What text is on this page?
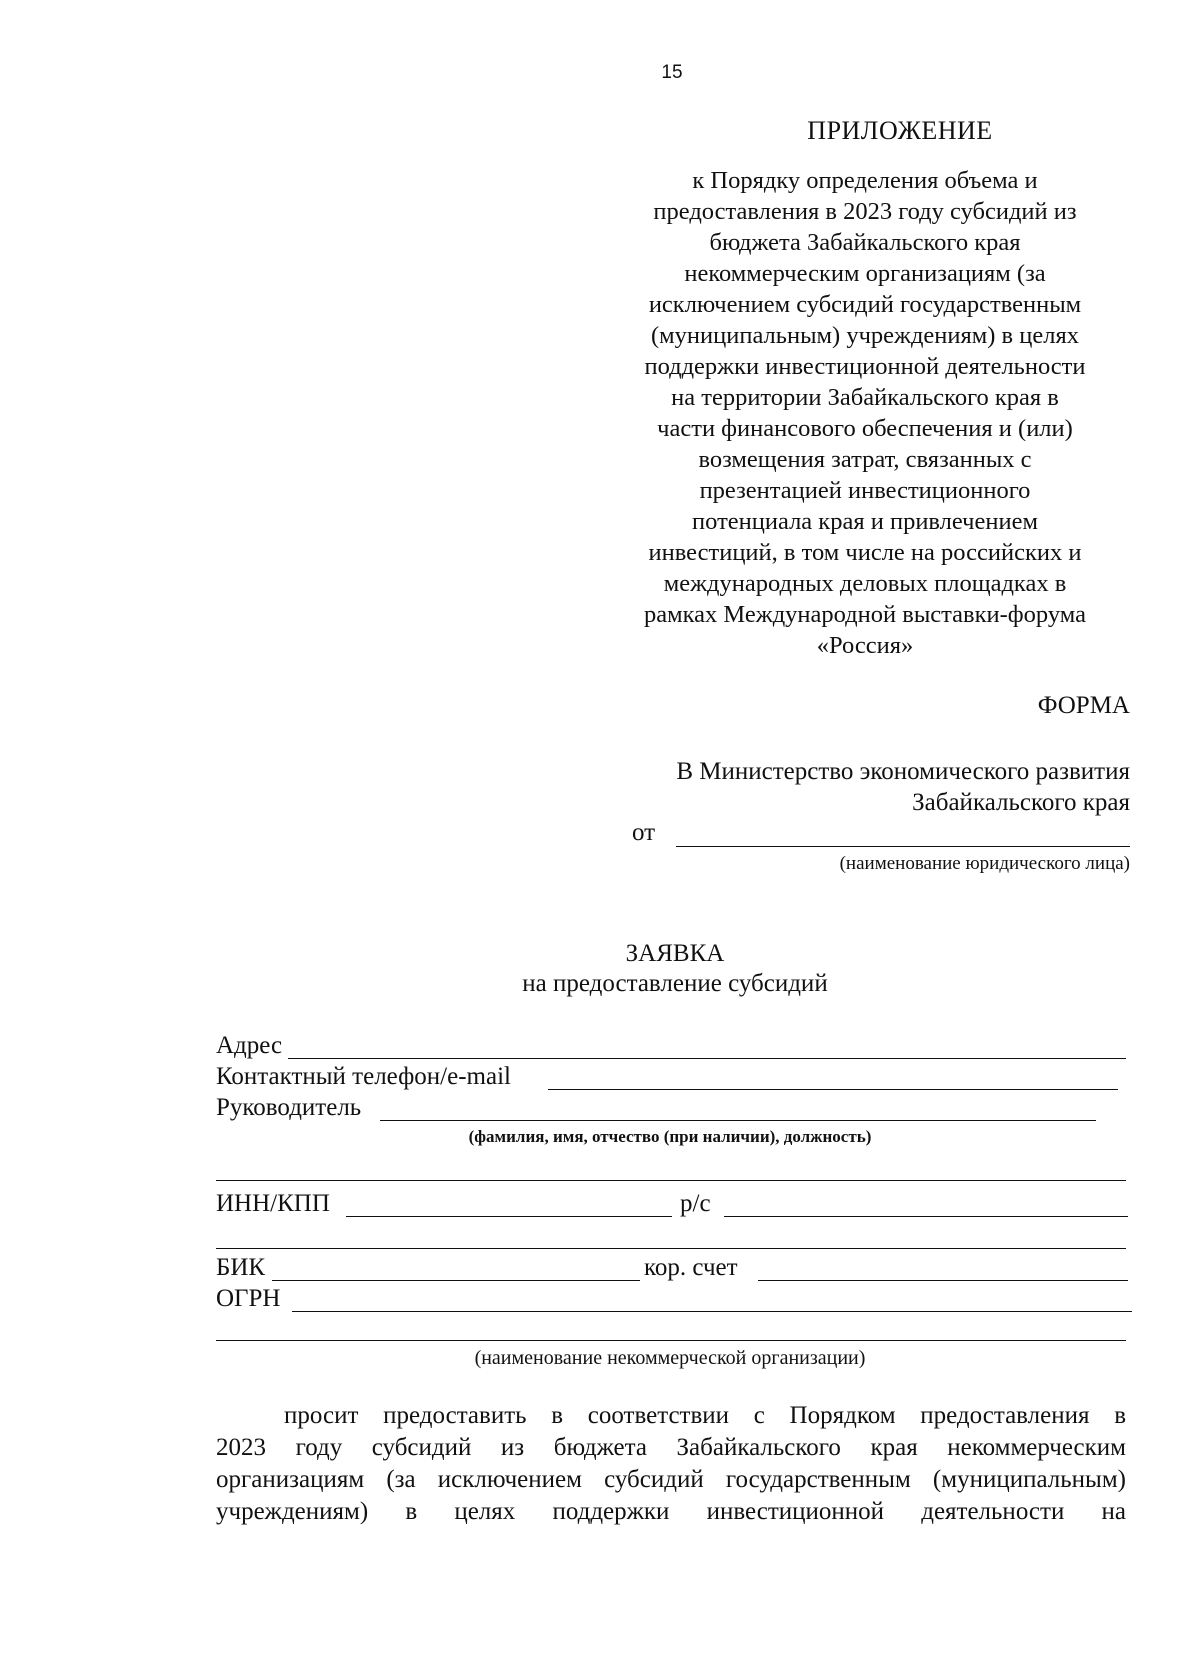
15
ПРИЛОЖЕНИЕ
к Порядку определения объема и
предоставления в 2023 году субсидий из
бюджета Забайкальского края
некоммерческим организациям (за
исключением субсидий государственным
(муниципальным) учреждениям) в целях
поддержки инвестиционной деятельности
на территории Забайкальского края в
части финансового обеспечения и (или)
возмещения затрат, связанных с
презентацией инвестиционного
потенциала края и привлечением
инвестиций, в том числе на российских и
международных деловых площадках в
рамках Международной выставки-форума
«Россия»
ФОРМА
В Министерство экономического развития
Забайкальского края
от
(наименование юридического лица)
ЗАЯВКА
на предоставление субсидий
Адрес
Контактный телефон/e-mail
Руководитель
(фамилия, имя, отчество (при наличии), должность)
ИНН/КПП	р/с
БИК	кор. счет
ОГРН
(наименование некоммерческой организации)
просит предоставить в соответствии с Порядком предоставления в
2023 году субсидий из бюджета Забайкальского края некоммерческим
организациям (за исключением субсидий государственным (муниципальным)
учреждениям) в целях поддержки инвестиционной деятельности на
